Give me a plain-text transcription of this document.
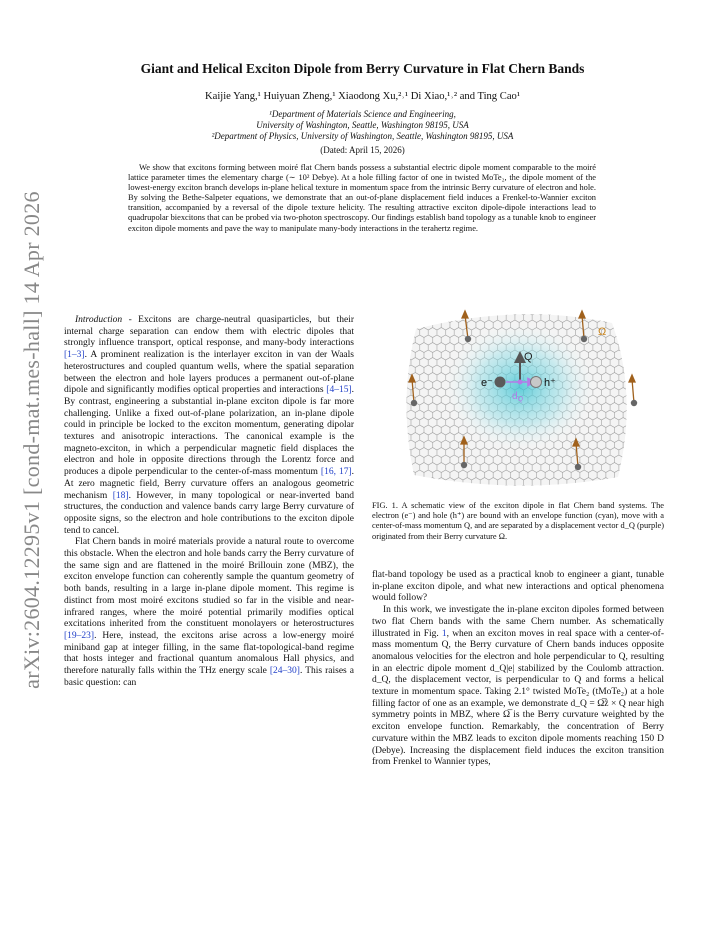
arXiv:2604.12295v1 [cond-mat.mes-hall] 14 Apr 2026
Giant and Helical Exciton Dipole from Berry Curvature in Flat Chern Bands
Kaijie Yang,¹ Huiyuan Zheng,¹ Xiaodong Xu,²˒¹ Di Xiao,¹˒² and Ting Cao¹
¹Department of Materials Science and Engineering,
University of Washington, Seattle, Washington 98195, USA
²Department of Physics, University of Washington, Seattle, Washington 98195, USA
(Dated: April 15, 2026)
We show that excitons forming between moiré flat Chern bands possess a substantial electric dipole moment comparable to the moiré lattice parameter times the elementary charge (∼ 10² Debye). At a hole filling factor of one in twisted MoTe₂, the dipole moment of the lowest-energy exciton branch develops in-plane helical texture in momentum space from the intrinsic Berry curvature of electron and hole. By solving the Bethe-Salpeter equations, we demonstrate that an out-of-plane displacement field induces a Frenkel-to-Wannier exciton transition, accompanied by a reversal of the dipole texture helicity. The resulting attractive exciton dipole-dipole interactions lead to quadrupolar biexcitons that can be probed via two-photon spectroscopy. Our findings establish band topology as a tunable knob to engineer exciton dipole moments and pave the way to manipulate many-body interactions in the terahertz regime.

Introduction - Excitons are charge-neutral quasiparticles, but their internal charge separation can endow them with electric dipoles that strongly influence transport, optical response, and many-body interactions [1–3]. A prominent realization is the interlayer exciton in van der Waals heterostructures and coupled quantum wells, where the spatial separation between the electron and hole layers produces a permanent out-of-plane dipole and significantly modifies optical properties and interactions [4–15]. By contrast, engineering a substantial in-plane exciton dipole is far more challenging. Unlike a fixed out-of-plane polarization, an in-plane dipole could in principle be locked to the exciton momentum, generating dipolar textures and anisotropic interactions. The canonical example is the magneto-exciton, in which a perpendicular magnetic field displaces the electron and hole in opposite directions through the Lorentz force and produces a dipole perpendicular to the center-of-mass momentum [16, 17]. At zero magnetic field, Berry curvature offers an analogous geometric mechanism [18]. However, in many topological or near-inverted band structures, the conduction and valence bands carry large Berry curvature of opposite signs, so the electron and hole contributions to the exciton dipole tend to cancel.

Flat Chern bands in moiré materials provide a natural route to overcome this obstacle. When the electron and hole bands carry the Berry curvature of the same sign and are flattened in the moiré Brillouin zone (MBZ), the exciton envelope function can coherently sample the quantum geometry of both bands, resulting in a large in-plane dipole moment. This regime is distinct from most moiré excitons studied so far in the visible and near-infrared ranges, where the moiré potential primarily modifies optical excitations inherited from the constituent monolayers or heterostructures [19–23]. Here, instead, the excitons arise across a low-energy moiré miniband gap at integer filling, in the same flat-topological-band regime that hosts integer and fractional quantum anomalous Hall physics, and therefore naturally falls within the THz energy scale [24–30]. This raises a basic question: can

Ω
Q
e⁻	h⁺
$d_Q$
FIG. 1. A schematic view of the exciton dipole in flat Chern band systems. The electron (e⁻) and hole (h⁺) are bound with an envelope function (cyan), move with a center-of-mass momentum Q, and are separated by a displacement vector d_Q (purple) originated from their Berry curvature Ω.

flat-band topology be used as a practical knob to engineer a giant, tunable in-plane exciton dipole, and what new interactions and optical phenomena would follow?

In this work, we investigate the in-plane exciton dipoles formed between two flat Chern bands with the same Chern number. As schematically illustrated in Fig. 1, when an exciton moves in real space with a center-of-mass momentum Q, the Berry curvature of Chern bands induces opposite anomalous velocities for the electron and hole perpendicular to Q, resulting in an electric dipole moment d_Q|e| stabilized by the Coulomb attraction. d_Q, the displacement vector, is perpendicular to Q and forms a helical texture in momentum space. Taking 2.1° twisted MoTe₂ (tMoTe₂) at a hole filling factor of one as an example, we demonstrate d_Q = Ω̅ẑ × Q near high symmetry points in MBZ, where Ω̅ is the Berry curvature weighted by the exciton envelope function. Remarkably, the concentration of Berry curvature within the MBZ leads to exciton dipole moments reaching 150 D (Debye). Increasing the displacement field induces the exciton transition from Frenkel to Wannier types,
